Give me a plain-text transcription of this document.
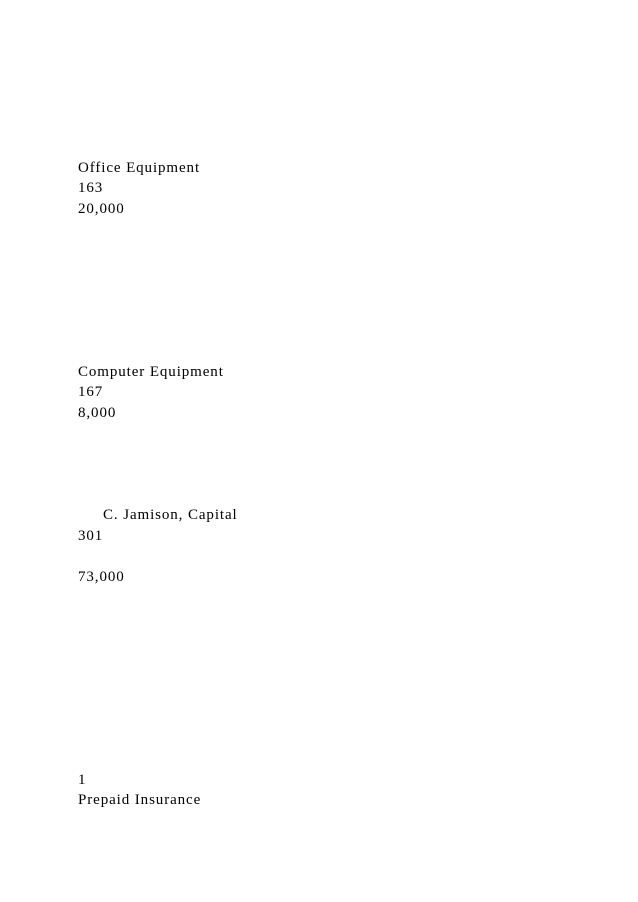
Office Equipment
163
20,000
Computer Equipment
167
8,000
C. Jamison, Capital
301
73,000
1
Prepaid Insurance
